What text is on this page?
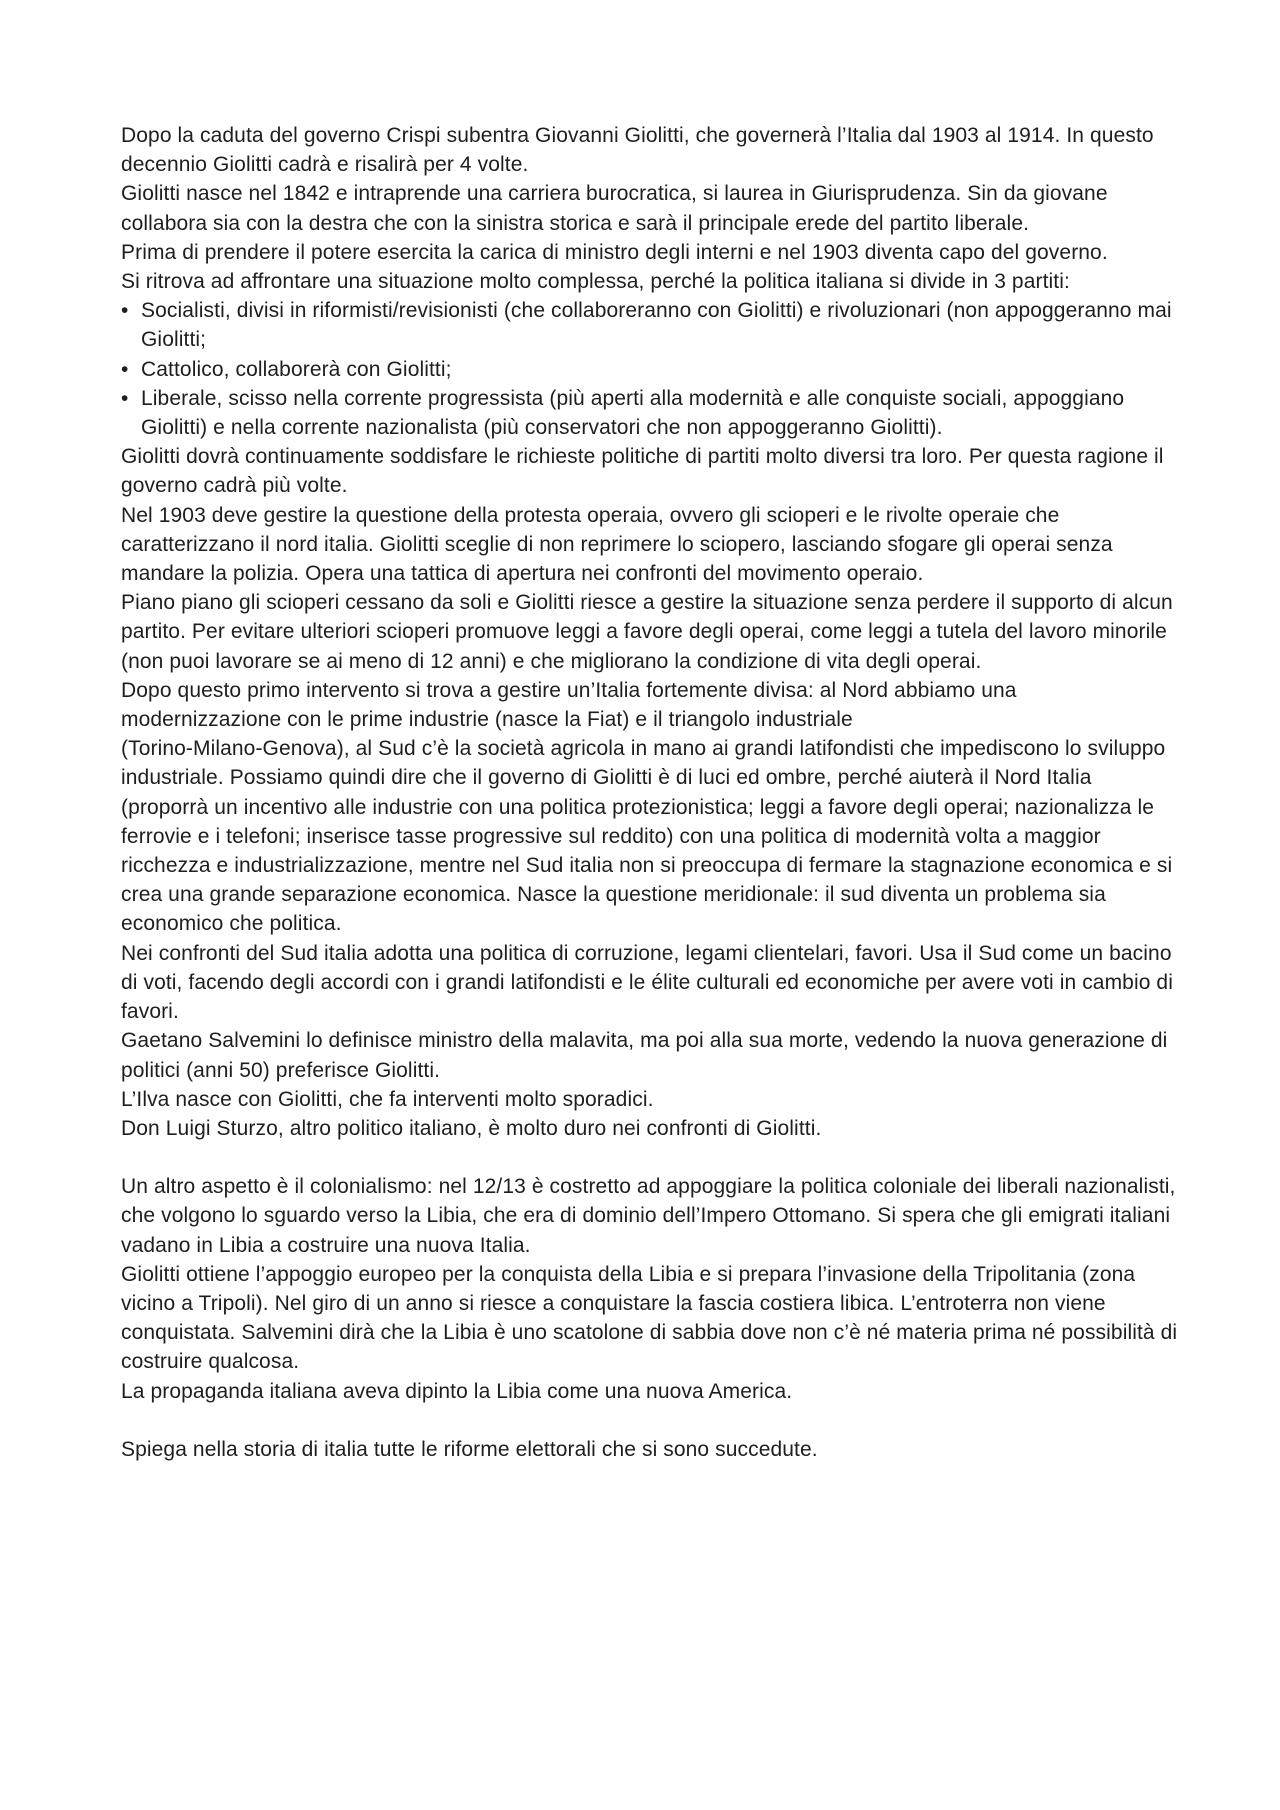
Dopo la caduta del governo Crispi subentra Giovanni Giolitti, che governerà l’Italia dal 1903 al 1914. In questo decennio Giolitti cadrà e risalirà per 4 volte.

Giolitti nasce nel 1842 e intraprende una carriera burocratica, si laurea in Giurisprudenza. Sin da giovane collabora sia con la destra che con la sinistra storica e sarà il principale erede del partito liberale.

Prima di prendere il potere esercita la carica di ministro degli interni e nel 1903 diventa capo del governo.

Si ritrova ad affrontare una situazione molto complessa, perché la politica italiana si divide in 3 partiti:

• Socialisti, divisi in riformisti/revisionisti (che collaboreranno con Giolitti) e rivoluzionari (non appoggeranno mai Giolitti;
• Cattolico, collaborerà con Giolitti;
• Liberale, scisso nella corrente progressista (più aperti alla modernità e alle conquiste sociali, appoggiano Giolitti) e nella corrente nazionalista (più conservatori che non appoggeranno Giolitti).

Giolitti dovrà continuamente soddisfare le richieste politiche di partiti molto diversi tra loro. Per questa ragione il governo cadrà più volte.

Nel 1903 deve gestire la questione della protesta operaia, ovvero gli scioperi e le rivolte operaie che caratterizzano il nord italia. Giolitti sceglie di non reprimere lo sciopero, lasciando sfogare gli operai senza mandare la polizia. Opera una tattica di apertura nei confronti del movimento operaio.

Piano piano gli scioperi cessano da soli e Giolitti riesce a gestire la situazione senza perdere il supporto di alcun partito. Per evitare ulteriori scioperi promuove leggi a favore degli operai, come leggi a tutela del lavoro minorile (non puoi lavorare se ai meno di 12 anni) e che migliorano la condizione di vita degli operai.

Dopo questo primo intervento si trova a gestire un’Italia fortemente divisa: al Nord abbiamo una modernizzazione con le prime industrie (nasce la Fiat) e il triangolo industriale

(Torino-Milano-Genova), al Sud c’è la società agricola in mano ai grandi latifondisti che impediscono lo sviluppo industriale. Possiamo quindi dire che il governo di Giolitti è di luci ed ombre, perché aiuterà il Nord Italia (proporrà un incentivo alle industrie con una politica protezionistica; leggi a favore degli operai; nazionalizza le ferrovie e i telefoni; inserisce tasse progressive sul reddito) con una politica di modernità volta a maggior ricchezza e industrializzazione, mentre nel Sud italia non si preoccupa di fermare la stagnazione economica e si crea una grande separazione economica. Nasce la questione meridionale: il sud diventa un problema sia economico che politica.

Nei confronti del Sud italia adotta una politica di corruzione, legami clientelari, favori. Usa il Sud come un bacino di voti, facendo degli accordi con i grandi latifondisti e le élite culturali ed economiche per avere voti in cambio di favori.

Gaetano Salvemini lo definisce ministro della malavita, ma poi alla sua morte, vedendo la nuova generazione di politici (anni 50) preferisce Giolitti.

L’Ilva nasce con Giolitti, che fa interventi molto sporadici.

Don Luigi Sturzo, altro politico italiano, è molto duro nei confronti di Giolitti.

Un altro aspetto è il colonialismo: nel 12/13 è costretto ad appoggiare la politica coloniale dei liberali nazionalisti, che volgono lo sguardo verso la Libia, che era di dominio dell’Impero Ottomano. Si spera che gli emigrati italiani vadano in Libia a costruire una nuova Italia.

Giolitti ottiene l’appoggio europeo per la conquista della Libia e si prepara l’invasione della Tripolitania (zona vicino a Tripoli). Nel giro di un anno si riesce a conquistare la fascia costiera libica. L’entroterra non viene conquistata. Salvemini dirà che la Libia è uno scatolone di sabbia dove non c’è né materia prima né possibilità di costruire qualcosa.

La propaganda italiana aveva dipinto la Libia come una nuova America.

Spiega nella storia di italia tutte le riforme elettorali che si sono succedute.
